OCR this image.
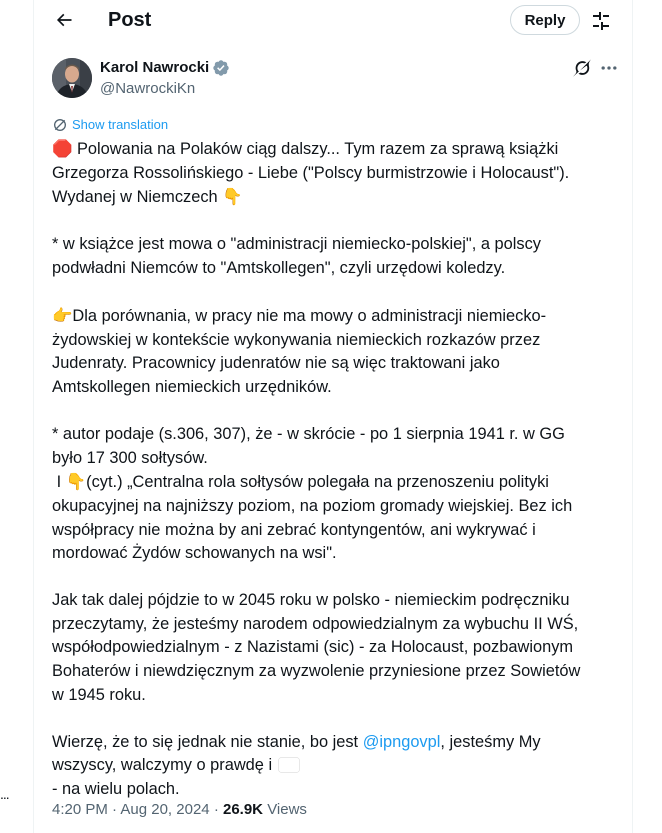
Post	Reply
Karol Nawrocki
@NawrockiKn
Show translation

🛑 Polowania na Polaków ciąg dalszy... Tym razem za sprawą książki

Grzegorza Rossolińskiego - Liebe ("Polscy burmistrzowie i Holocaust").

Wydanej w Niemczech 👇

* w książce jest mowa o "administracji niemiecko-polskiej", a polscy

podwładni Niemców to "Amtskollegen", czyli urzędowi koledzy.

👉Dla porównania, w pracy nie ma mowy o administracji niemiecko-

żydowskiej w kontekście wykonywania niemieckich rozkazów przez

Judenraty. Pracownicy judenratów nie są więc traktowani jako

Amtskollegen niemieckich urzędników.

* autor podaje (s.306, 307), że - w skrócie - po 1 sierpnia 1941 r. w GG

było 17 300 sołtysów.

I 👇(cyt.) „Centralna rola sołtysów polegała na przenoszeniu polityki

okupacyjnej na najniższy poziom, na poziom gromady wiejskiej. Bez ich

współpracy nie można by ani zebrać kontyngentów, ani wykrywać i

mordować Żydów schowanych na wsi".

Jak tak dalej pójdzie to w 2045 roku w polsko - niemieckim podręczniku

przeczytamy, że jesteśmy narodem odpowiedzialnym za wybuchu II WŚ,

współodpowiedzialnym - z Nazistami (sic) - za Holocaust, pozbawionym

Bohaterów i niewdzięcznym za wyzwolenie przyniesione przez Sowietów

w 1945 roku.

Wierzę, że to się jednak nie stanie, bo jest @ipngovpl, jesteśmy My

wszyscy, walczymy o prawdę i

- na wielu polach.

4:20 PM · Aug 20, 2024 · 26.9K Views
...
